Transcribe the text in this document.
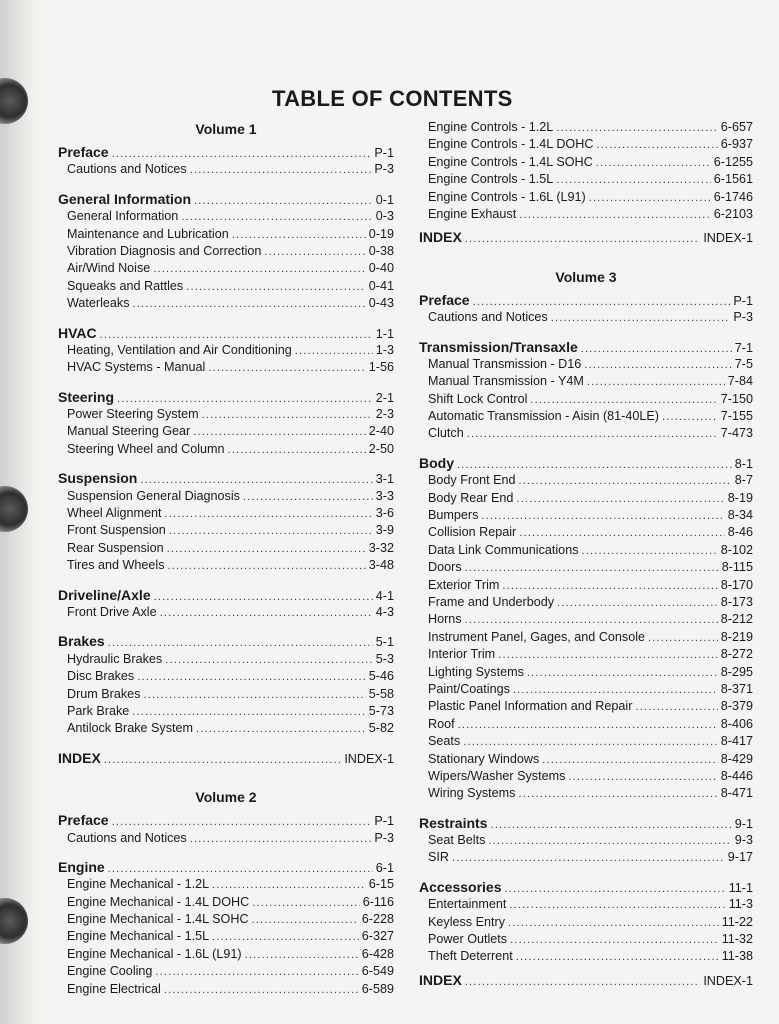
TABLE OF CONTENTS
Volume 1
Preface .....	P-1
Cautions and Notices .....	P-3
General Information .....	0-1
General Information .....	0-3
Maintenance and Lubrication .....	0-19
Vibration Diagnosis and Correction .....	0-38
Air/Wind Noise .....	0-40
Squeaks and Rattles .....	0-41
Waterleaks .....	0-43
HVAC .....	1-1
Heating, Ventilation and Air Conditioning .....	1-3
HVAC Systems - Manual .....	1-56
Steering .....	2-1
Power Steering System .....	2-3
Manual Steering Gear .....	2-40
Steering Wheel and Column .....	2-50
Suspension .....	3-1
Suspension General Diagnosis .....	3-3
Wheel Alignment .....	3-6
Front Suspension .....	3-9
Rear Suspension .....	3-32
Tires and Wheels .....	3-48
Driveline/Axle .....	4-1
Front Drive Axle .....	4-3
Brakes .....	5-1
Hydraulic Brakes .....	5-3
Disc Brakes .....	5-46
Drum Brakes .....	5-58
Park Brake .....	5-73
Antilock Brake System .....	5-82
INDEX .....	INDEX-1
Volume 2
Preface .....	P-1
Cautions and Notices .....	P-3
Engine .....	6-1
Engine Mechanical - 1.2L .....	6-15
Engine Mechanical - 1.4L DOHC .....	6-116
Engine Mechanical - 1.4L SOHC .....	6-228
Engine Mechanical - 1.5L .....	6-327
Engine Mechanical - 1.6L (L91) .....	6-428
Engine Cooling .....	6-549
Engine Electrical .....	6-589
Engine Controls - 1.2L .....	6-657
Engine Controls - 1.4L DOHC .....	6-937
Engine Controls - 1.4L SOHC .....	6-1255
Engine Controls - 1.5L .....	6-1561
Engine Controls - 1.6L (L91) .....	6-1746
Engine Exhaust .....	6-2103
INDEX .....	INDEX-1
Volume 3
Preface .....	P-1
Cautions and Notices .....	P-3
Transmission/Transaxle .....	7-1
Manual Transmission - D16 .....	7-5
Manual Transmission - Y4M .....	7-84
Shift Lock Control .....	7-150
Automatic Transmission - Aisin (81-40LE) .....	7-155
Clutch .....	7-473
Body .....	8-1
Body Front End .....	8-7
Body Rear End .....	8-19
Bumpers .....	8-34
Collision Repair .....	8-46
Data Link Communications .....	8-102
Doors .....	8-115
Exterior Trim .....	8-170
Frame and Underbody .....	8-173
Horns .....	8-212
Instrument Panel, Gages, and Console .....	8-219
Interior Trim .....	8-272
Lighting Systems .....	8-295
Paint/Coatings .....	8-371
Plastic Panel Information and Repair .....	8-379
Roof .....	8-406
Seats .....	8-417
Stationary Windows .....	8-429
Wipers/Washer Systems .....	8-446
Wiring Systems .....	8-471
Restraints .....	9-1
Seat Belts .....	9-3
SIR .....	9-17
Accessories .....	11-1
Entertainment .....	11-3
Keyless Entry .....	11-22
Power Outlets .....	11-32
Theft Deterrent .....	11-38
INDEX .....	INDEX-1
